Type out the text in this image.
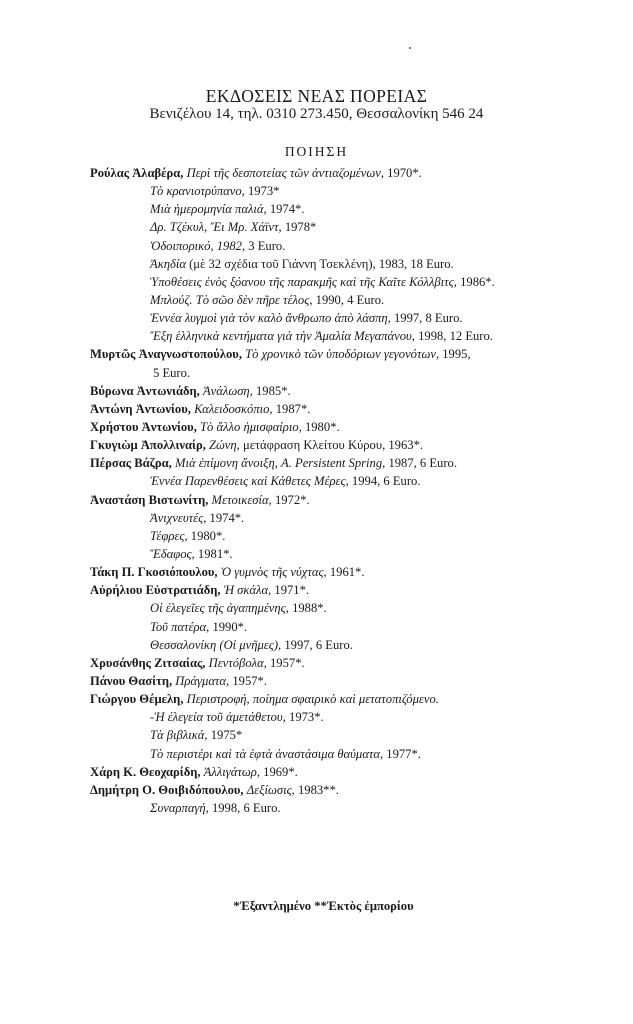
ΕΚΔΟΣΕΙΣ ΝΕΑΣ ΠΟΡΕΙΑΣ
Βενιζέλου 14, τηλ. 0310 273.450, Θεσσαλονίκη 546 24
ΠΟΙΗΣΗ
Ρούλας Ἀλαβέρα, Περὶ τῆς δεσποτείας τῶν ἀντιαζομένων, 1970*.
Τὸ κρανιοτρύπανο, 1973*
Μιὰ ἡμερομηνία παλιά, 1974*.
Δρ. Τζέκυλ, Ἔι Μρ. Χάϊντ, 1978*
Ὁδοιπορικό, 1982, 3 Euro.
Ἀκηδία (μὲ 32 σχέδια τοῦ Γιάννη Τσεκλένη), 1983, 18 Euro.
Ὑποθέσεις ἑνὸς ξόανου τῆς παρακμῆς καὶ τῆς Καῖτε Κόλλβιτς, 1986*.
Μπλούζ. Τὸ σῶο δὲν πῆρε τέλος, 1990, 4 Euro.
Ἐννέα λυγμοὶ γιὰ τὸν καλὸ ἄνθρωπο ἀπὸ λάσπη, 1997, 8 Euro.
Ἔξη ἑλληνικὰ κεντήματα γιὰ τὴν Ἀμαλία Μεγαπάνου, 1998, 12 Euro.
Μυρτῶς Ἀναγνωστοπούλου, Τὸ χρονικὸ τῶν ὑποδόριων γεγονότων, 1995,
5 Euro.
Βύρωνα Ἀντωνιάδη, Ἀνάλωση, 1985*.
Ἀντώνη Ἀντωνίου, Καλειδοσκόπιο, 1987*.
Χρήστου Ἀντωνίου, Τὸ ἄλλο ἡμισφαίριο, 1980*.
Γκυγιὼμ Ἀπολλιναίρ, Ζώνη, μετάφραση Κλείτου Κύρου, 1963*.
Πέρσας Βάζρα, Μιὰ ἐπίμονη ἄνοιξη, A. Persistent Spring, 1987, 6 Euro.
Ἐννέα Παρενθέσεις καὶ Κάθετες Μέρες, 1994, 6 Euro.
Ἀναστάση Βιστωνίτη, Μετοικεσία, 1972*.
Ἀνιχνευτές, 1974*.
Τέφρες, 1980*.
Ἔδαφος, 1981*.
Τάκη Π. Γκοσιόπουλου, Ὁ γυμνὸς τῆς νύχτας, 1961*.
Αὐρήλιου Εὐστρατιάδη, Ἡ σκάλα, 1971*.
Οἱ ἐλεγεῖες τῆς ἀγαπημένης, 1988*.
Τοῦ πατέρα, 1990*.
Θεσσαλονίκη (Οἱ μνῆμες), 1997, 6 Euro.
Χρυσάνθης Ζιτσαίας, Πεντόβολα, 1957*.
Πάνου Θασίτη, Πράγματα, 1957*.
Γιώργου Θέμελη, Περιστροφή, ποίημα σφαιρικὸ καὶ μετατοπιζόμενο.
-Ἡ ἐλεγεία τοῦ ἀμετάθετου, 1973*.
Τὰ βιβλικά, 1975*
Τὸ περιστέρι καὶ τὰ ἑφτὰ ἀναστάσιμα θαύματα, 1977*.
Χάρη Κ. Θεοχαρίδη, Ἀλλιγάτωρ, 1969*.
Δημήτρη Ο. Θοιβιδόπουλου, Δεξίωσις, 1983**.
Συναρπαγή, 1998, 6 Euro.
*Ἐξαντλημένο **Ἐκτὸς ἐμπορίου
